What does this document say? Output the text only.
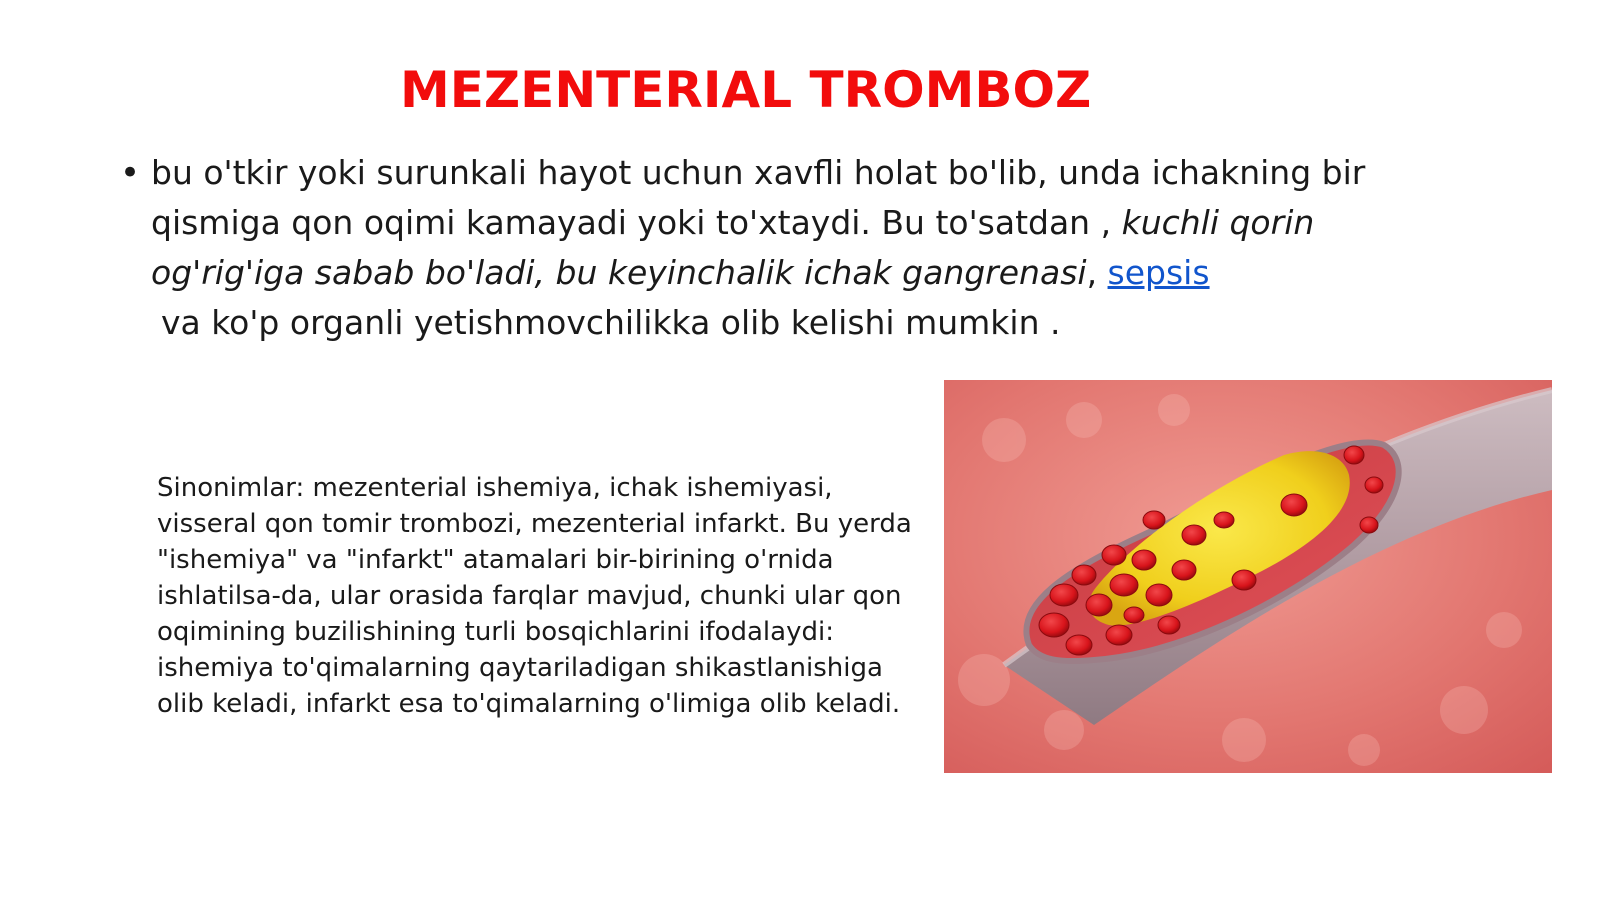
MEZENTERIAL TROMBOZ
• bu o'tkir yoki surunkali hayot uchun xavfli holat bo'lib, unda ichakning bir qismiga qon oqimi kamayadi yoki to'xtaydi. Bu to'satdan , kuchli qorin og'rig'iga sabab bo'ladi, bu keyinchalik ichak gangrenasi, sepsis
va ko'p organli yetishmovchilikka olib kelishi mumkin .

Sinonimlar: mezenterial ishemiya, ichak ishemiyasi, visseral qon tomir trombozi, mezenterial infarkt. Bu yerda "ishemiya" va "infarkt" atamalari bir-birining o'rnida ishlatilsa-da, ular orasida farqlar mavjud, chunki ular qon oqimining buzilishining turli bosqichlarini ifodalaydi: ishemiya to'qimalarning qaytariladigan shikastlanishiga olib keladi, infarkt esa to'qimalarning o'limiga olib keladi.
